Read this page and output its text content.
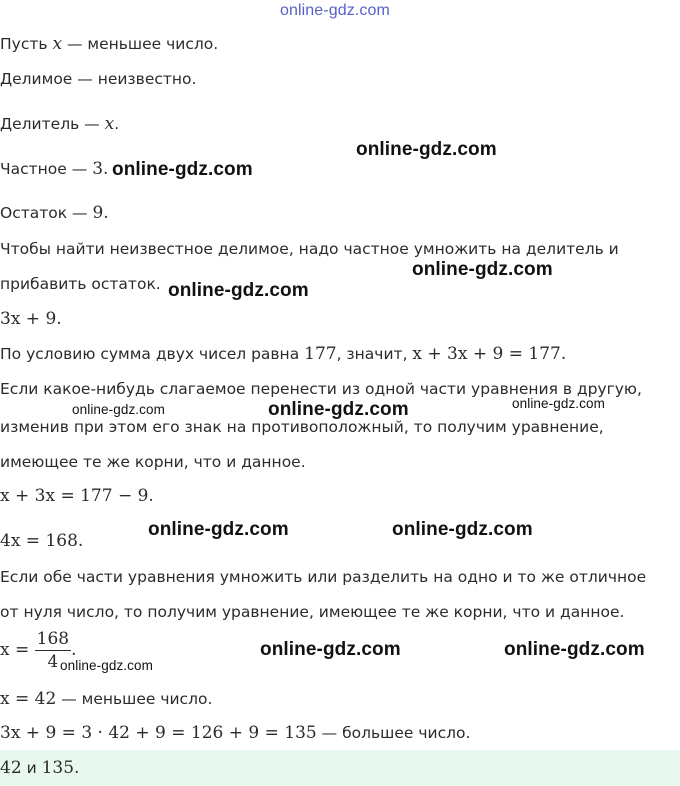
online-gdz.com
Пусть x — меньшее число.
Делимое — неизвестно.
Делитель — x.
Частное — 3.
Остаток — 9.
Чтобы найти неизвестное делимое, надо частное умножить на делитель и
прибавить остаток.
3x + 9.
По условию сумма двух чисел равна 177, значит, x + 3x + 9 = 177.
Если какое-нибудь слагаемое перенести из одной части уравнения в другую,
изменив при этом его знак на противоположный, то получим уравнение,
имеющее те же корни, что и данное.
x + 3x = 177 − 9.
4x = 168.
Если обе части уравнения умножить или разделить на одно и то же отличное
от нуля число, то получим уравнение, имеющее те же корни, что и данное.
$x = \frac{168}{4}$ .
x = 42 — меньшее число.
3x + 9 = 3 · 42 + 9 = 126 + 9 = 135 — большее число.
42 и 135.
online-gdz.com
online-gdz.com
online-gdz.com
online-gdz.com
online-gdz.com
online-gdz.com	online-gdz.com
online-gdz.com	online-gdz.com
online-gdz.com	online-gdz.com
online-gdz.com
